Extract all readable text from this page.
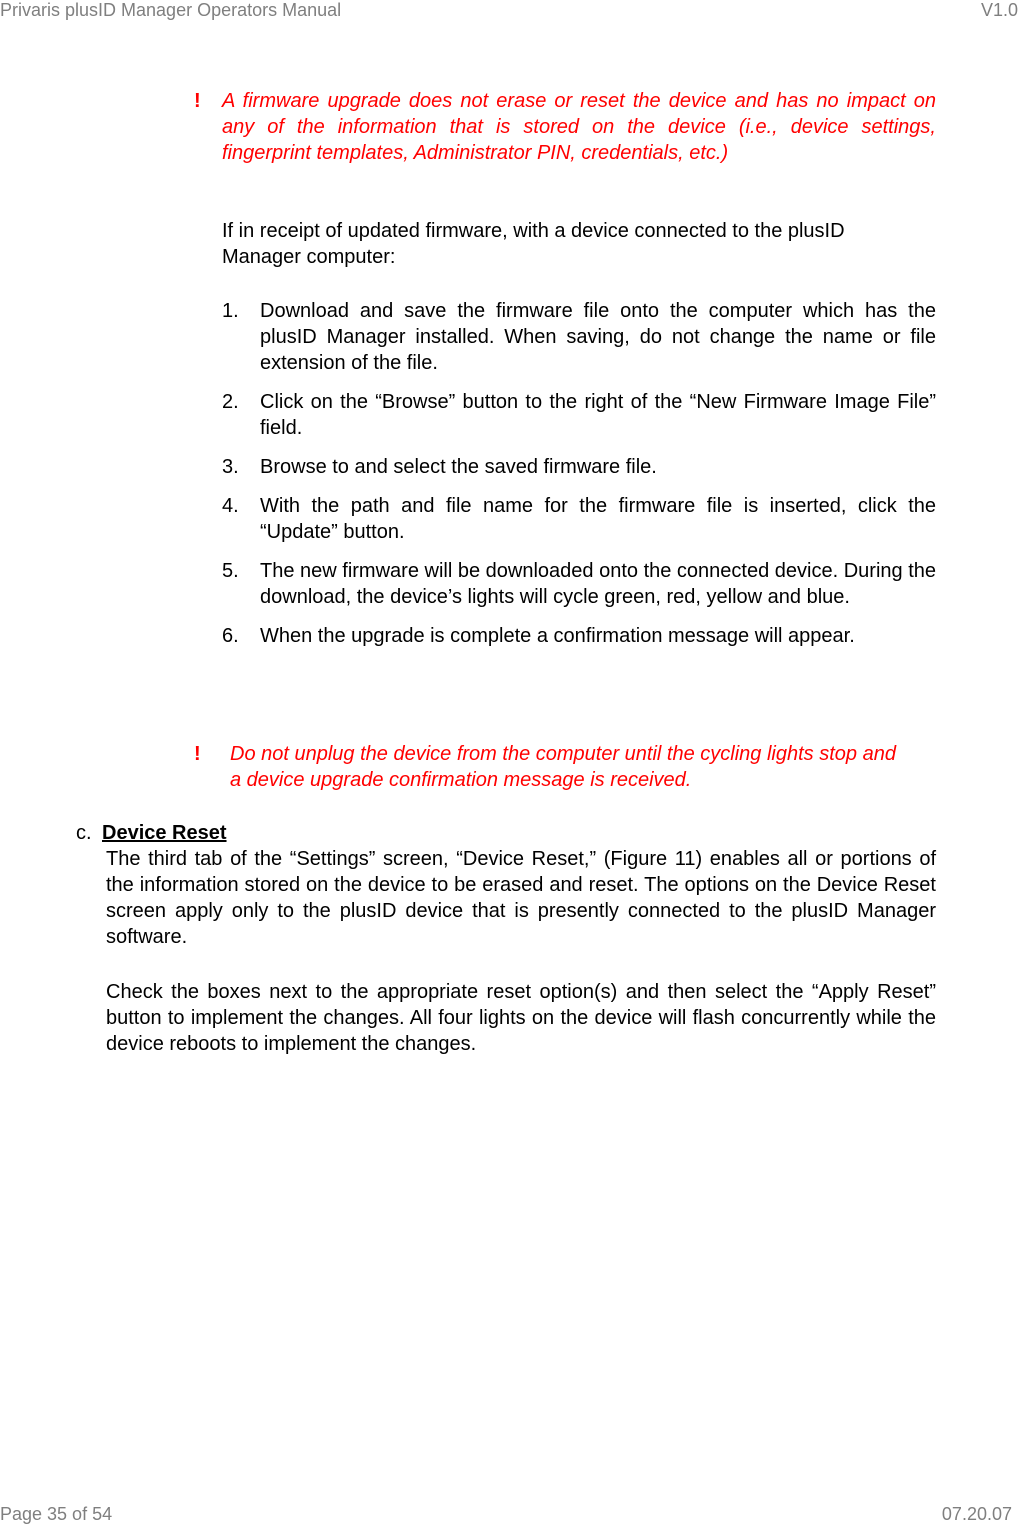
Privaris plusID Manager Operators Manual	V1.0
! A firmware upgrade does not erase or reset the device and has no impact on any of the information that is stored on the device (i.e., device settings, fingerprint templates, Administrator PIN, credentials, etc.)
If in receipt of updated firmware, with a device connected to the plusID Manager computer:
1.	Download and save the firmware file onto the computer which has the plusID Manager installed. When saving, do not change the name or file extension of the file.
2.	Click on the “Browse” button to the right of the “New Firmware Image File” field.
3.	Browse to and select the saved firmware file.
4.	With the path and file name for the firmware file is inserted, click the “Update” button.
5.	The new firmware will be downloaded onto the connected device. During the download, the device’s lights will cycle green, red, yellow and blue.
6.	When the upgrade is complete a confirmation message will appear.
! Do not unplug the device from the computer until the cycling lights stop and a device upgrade confirmation message is received.
c. Device Reset
The third tab of the “Settings” screen, “Device Reset,” (Figure 11) enables all or portions of the information stored on the device to be erased and reset. The options on the Device Reset screen apply only to the plusID device that is presently connected to the plusID Manager software.
Check the boxes next to the appropriate reset option(s) and then select the “Apply Reset” button to implement the changes. All four lights on the device will flash concurrently while the device reboots to implement the changes.
Page 35 of 54	07.20.07
